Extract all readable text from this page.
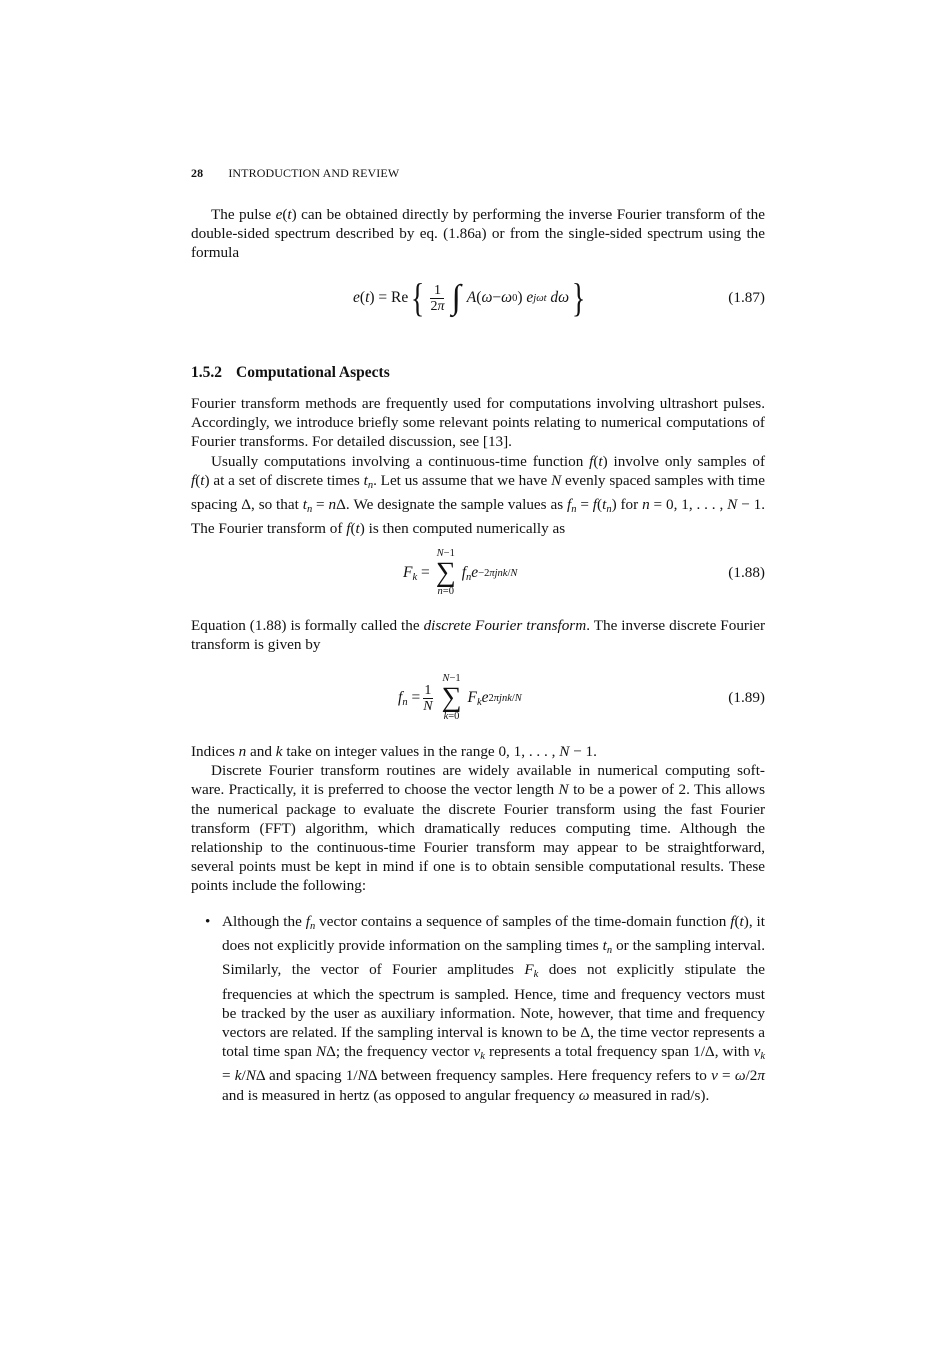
28 INTRODUCTION AND REVIEW

The pulse e(t) can be obtained directly by performing the inverse Fourier transform of the double-sided spectrum described by eq. (1.86a) or from the single-sided spectrum using the formula

e ( t ) = Re { $\frac{1}{2\pi}$ ∫ A ( ω − ω 0 ) e jωt
dω }	(1.87)
1.5.2 Computational Aspects

Fourier transform methods are frequently used for computations involving ultrashort pulses. Accordingly, we introduce briefly some relevant points relating to numerical computations of Fourier transforms. For detailed discussion, see [13].

Usually computations involving a continuous-time function f(t) involve only samples of f(t) at a set of discrete times $t_n$. Let us assume that we have N evenly spaced samples with time spacing Δ, so that $t_n = n\Delta$. We designate the sample values as $f_n = f(t_n)$ for n = 0, 1, . . . , N − 1. The Fourier transform of f(t) is then computed numerically as

$F_k$ =
N−1
∑
n=0
$f_n$ e −2πjnk/N	(1.88)

Equation (1.88) is formally called the discrete Fourier transform. The inverse discrete Fourier transform is given by

$f_n = \frac{1}{N}$
N−1
∑
k=0
$F_k$ e 2πjnk/N	(1.89)

Indices n and k take on integer values in the range 0, 1, . . . , N − 1.

Discrete Fourier transform routines are widely available in numerical computing soft-ware. Practically, it is preferred to choose the vector length N to be a power of 2. This allows the numerical package to evaluate the discrete Fourier transform using the fast Fourier transform (FFT) algorithm, which dramatically reduces computing time. Although the relationship to the continuous-time Fourier transform may appear to be straightforward, several points must be kept in mind if one is to obtain sensible computational results. These points include the following:

• Although the $f_n$ vector contains a sequence of samples of the time-domain function f(t), it does not explicitly provide information on the sampling times $t_n$ or the sampling interval. Similarly, the vector of Fourier amplitudes $F_k$ does not explicitly stipulate the frequencies at which the spectrum is sampled. Hence, time and frequency vectors must be tracked by the user as auxiliary information. Note, however, that time and frequency vectors are related. If the sampling interval is known to be Δ, the time vector represents a total time span NΔ; the frequency vector $\nu_k$ represents a total frequency span 1/Δ, with $\nu_k = k/N\Delta$ and spacing 1/NΔ between frequency samples. Here frequency refers to ν = ω/2π and is measured in hertz (as opposed to angular frequency ω measured in rad/s).
